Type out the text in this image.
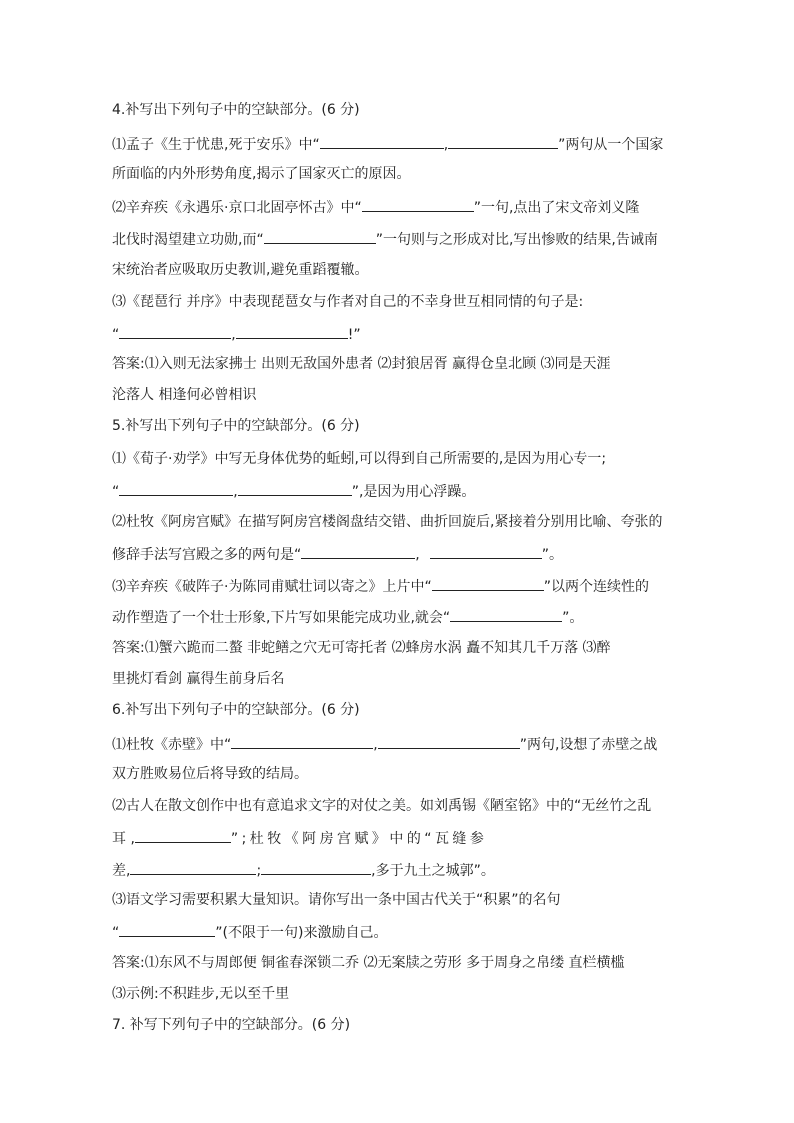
4.补写出下列句子中的空缺部分。(6 分)
⑴孟子《生于忧患,死于安乐》中“	,	”两句从一个国家
所面临的内外形势角度,揭示了国家灭亡的原因。
⑵辛弃疾《永遇乐·京口北固亭怀古》中“	”一句,点出了宋文帝刘义隆
北伐时渴望建立功勋,而“	”一句则与之形成对比,写出惨败的结果,告诫南
宋统治者应吸取历史教训,避免重蹈覆辙。
⑶《琵琶行 并序》中表现琵琶女与作者对自己的不幸身世互相同情的句子是:
“	,	!”
答案:⑴入则无法家拂士 出则无敌国外患者 ⑵封狼居胥 赢得仓皇北顾 ⑶同是天涯
沦落人 相逢何必曾相识
5.补写出下列句子中的空缺部分。(6 分)
⑴《荀子·劝学》中写无身体优势的蚯蚓,可以得到自己所需要的,是因为用心专一;
“	,	”,是因为用心浮躁。
⑵杜牧《阿房宫赋》在描写阿房宫楼阁盘结交错、曲折回旋后,紧接着分别用比喻、夸张的
修辞手法写宫殿之多的两句是“	,	”。
⑶辛弃疾《破阵子·为陈同甫赋壮词以寄之》上片中“	”以两个连续性的
动作塑造了一个壮士形象,下片写如果能完成功业,就会“	”。
答案:⑴蟹六跪而二螯 非蛇鳝之穴无可寄托者 ⑵蜂房水涡 矗不知其几千万落 ⑶醉
里挑灯看剑 赢得生前身后名
6.补写出下列句子中的空缺部分。(6 分)
⑴杜牧《赤壁》中“	,	”两句,设想了赤壁之战
双方胜败易位后将导致的结局。
⑵古人在散文创作中也有意追求文字的对仗之美。如刘禹锡《陋室铭》中的“无丝竹之乱
耳 ,	” ; 杜 牧 《 阿 房 宫 赋 》 中 的 “ 瓦 缝 参
差,	;	,多于九土之城郭”。
⑶语文学习需要积累大量知识。请你写出一条中国古代关于“积累”的名句
“	”(不限于一句)来激励自己。
答案:⑴东风不与周郎便 铜雀春深锁二乔 ⑵无案牍之劳形 多于周身之帛缕 直栏横槛
⑶示例:不积跬步,无以至千里
7. 补写下列句子中的空缺部分。(6 分)
